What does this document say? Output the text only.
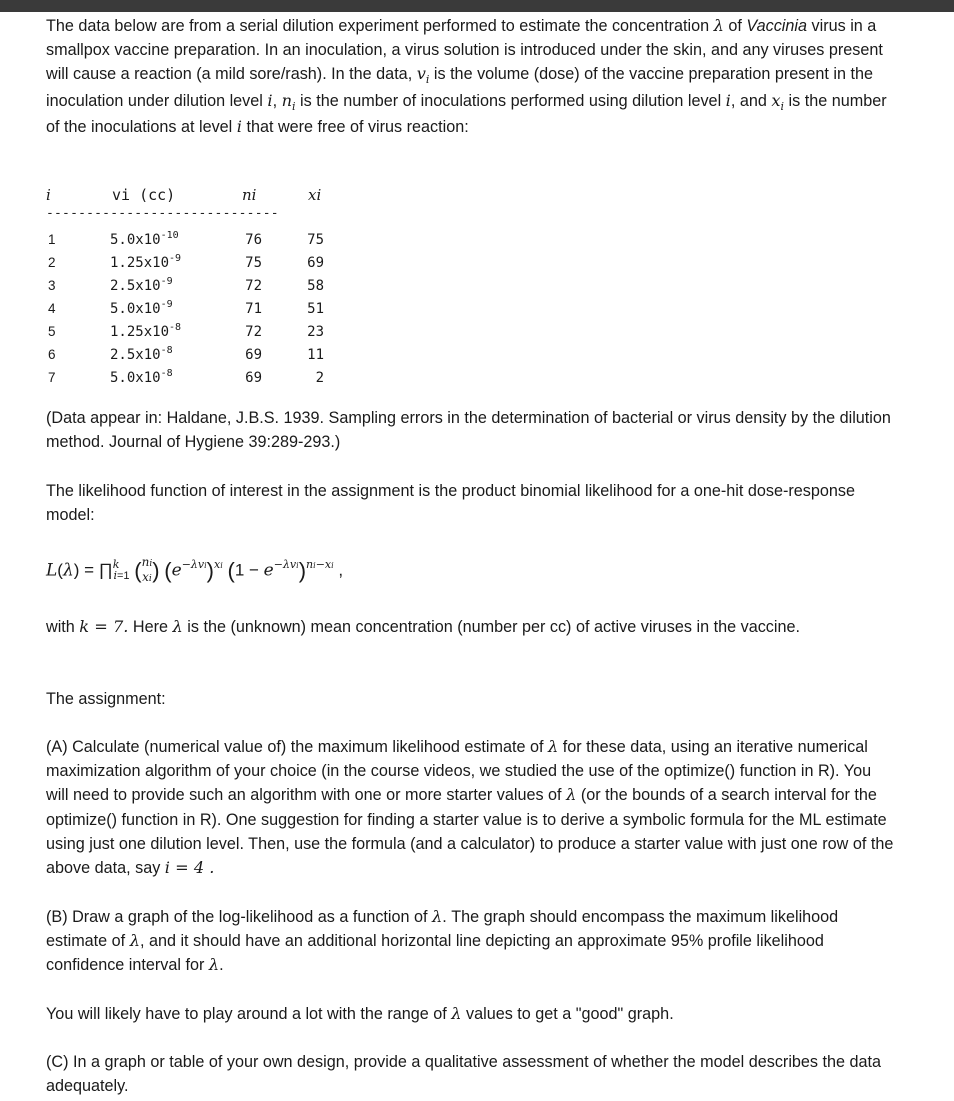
The data below are from a serial dilution experiment performed to estimate the concentration λ of Vaccinia virus in a smallpox vaccine preparation. In an inoculation, a virus solution is introduced under the skin, and any viruses present will cause a reaction (a mild sore/rash). In the data, $v_i$ is the volume (dose) of the vaccine preparation present in the inoculation under dilution level i, $n_i$ is the number of inoculations performed using dilution level i, and $x_i$ is the number of the inoculations at level i that were free of virus reaction:

i	vi (cc)	ni	xi
-----------------------------
1	$5.0x10^{-10}$	76	75
2	$1.25x10^{-9}$	75	69
3	$2.5x10^{-9}$	72	58
4	$5.0x10^{-9}$	71	51
5	$1.25x10^{-8}$	72	23
6	$2.5x10^{-8}$	69	11
7	$5.0x10^{-8}$	69	2

(Data appear in: Haldane, J.B.S. 1939. Sampling errors in the determination of bacterial or virus density by the dilution method. Journal of Hygiene 39:289-293.)

The likelihood function of interest in the assignment is the product binomial likelihood for a one-hit dose-response model:

L(λ) = ∏ki=1 (ni
xi) $(e^{-\lambda vi})^{xi}$ $(1 - e^{-\lambda vi})^{ni-xi}$ ,

with k = 7. Here λ is the (unknown) mean concentration (number per cc) of active viruses in the vaccine.

The assignment:

(A) Calculate (numerical value of) the maximum likelihood estimate of λ for these data, using an iterative numerical maximization algorithm of your choice (in the course videos, we studied the use of the optimize() function in R). You will need to provide such an algorithm with one or more starter values of λ (or the bounds of a search interval for the optimize() function in R). One suggestion for finding a starter value is to derive a symbolic formula for the ML estimate using just one dilution level. Then, use the formula (and a calculator) to produce a starter value with just one row of the above data, say i = 4 .

(B) Draw a graph of the log-likelihood as a function of λ. The graph should encompass the maximum likelihood estimate of λ, and it should have an additional horizontal line depicting an approximate 95% profile likelihood confidence interval for λ.

You will likely have to play around a lot with the range of λ values to get a "good" graph.

(C) In a graph or table of your own design, provide a qualitative assessment of whether the model describes the data adequately.
